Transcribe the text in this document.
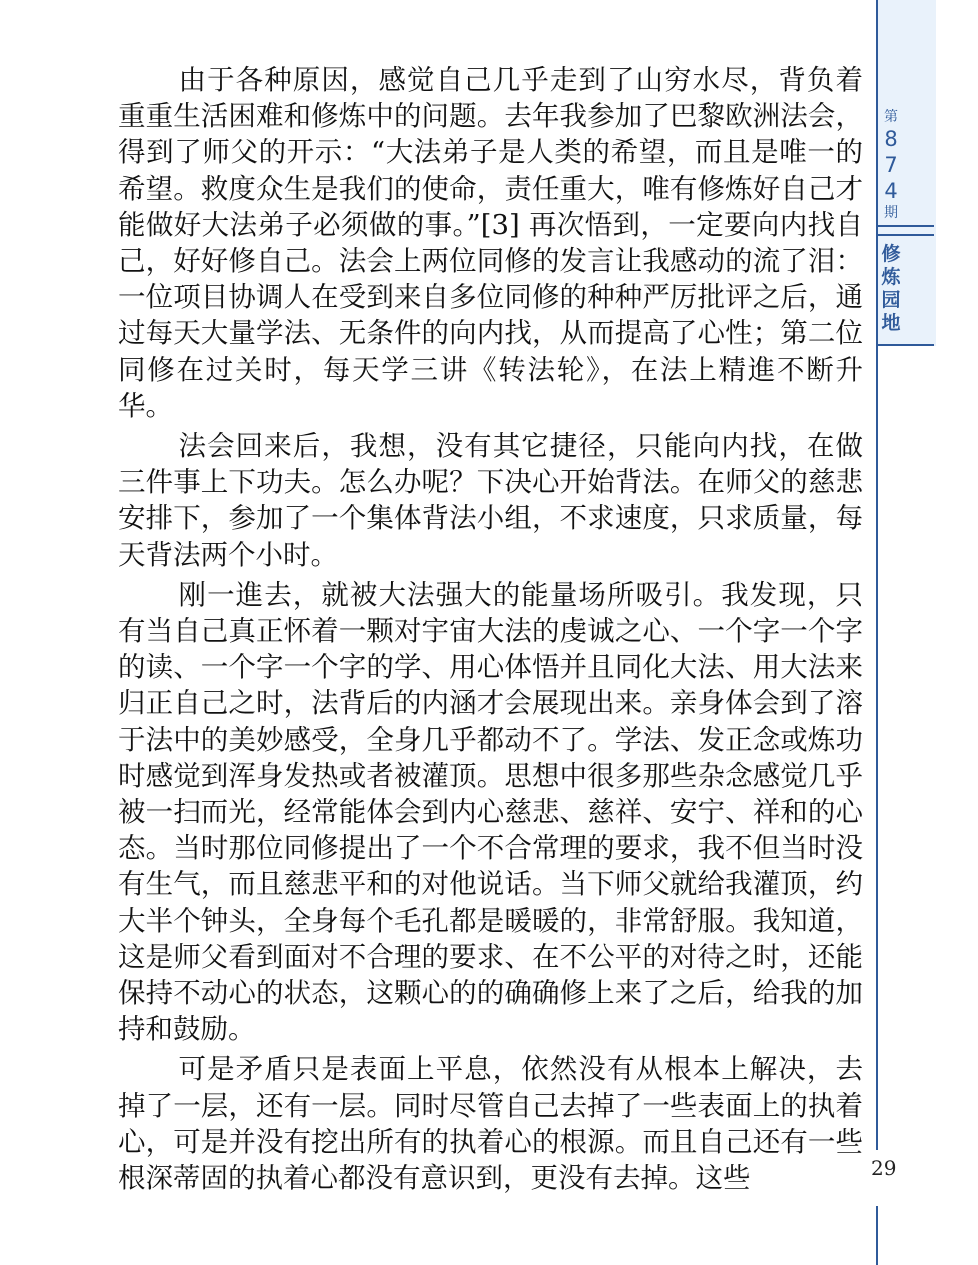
第
8
7
4
期
修
炼
园
地

由于各种原因，感觉自己几乎走到了山穷水尽，背负着重重生活困难和修炼中的问题。去年我参加了巴黎欧洲法会，得到了师父的开示：“大法弟子是人类的希望，而且是唯一的希望。救度众生是我们的使命，责任重大，唯有修炼好自己才能做好大法弟子必须做的事。”[3] 再次悟到，一定要向内找自己，好好修自己。法会上两位同修的发言让我感动的流了泪：一位项目协调人在受到来自多位同修的种种严厉批评之后，通过每天大量学法、无条件的向内找，从而提高了心性；第二位同修在过关时，每天学三讲《转法轮》，在法上精進不断升华。

法会回来后，我想，没有其它捷径，只能向内找，在做三件事上下功夫。怎么办呢？下决心开始背法。在师父的慈悲安排下，参加了一个集体背法小组，不求速度，只求质量，每天背法两个小时。

刚一進去，就被大法强大的能量场所吸引。我发现，只有当自己真正怀着一颗对宇宙大法的虔诚之心、一个字一个字的读、一个字一个字的学、用心体悟并且同化大法、用大法来归正自己之时，法背后的内涵才会展现出来。亲身体会到了溶于法中的美妙感受，全身几乎都动不了。学法、发正念或炼功时感觉到浑身发热或者被灌顶。思想中很多那些杂念感觉几乎被一扫而光，经常能体会到内心慈悲、慈祥、安宁、祥和的心态。当时那位同修提出了一个不合常理的要求，我不但当时没有生气，而且慈悲平和的对他说话。当下师父就给我灌顶，约大半个钟头，全身每个毛孔都是暖暖的，非常舒服。我知道，这是师父看到面对不合理的要求、在不公平的对待之时，还能保持不动心的状态，这颗心的的确确修上来了之后，给我的加持和鼓励。

可是矛盾只是表面上平息，依然没有从根本上解决，去掉了一层，还有一层。同时尽管自己去掉了一些表面上的执着心，可是并没有挖出所有的执着心的根源。而且自己还有一些根深蒂固的执着心都没有意识到，更没有去掉。这些	29
